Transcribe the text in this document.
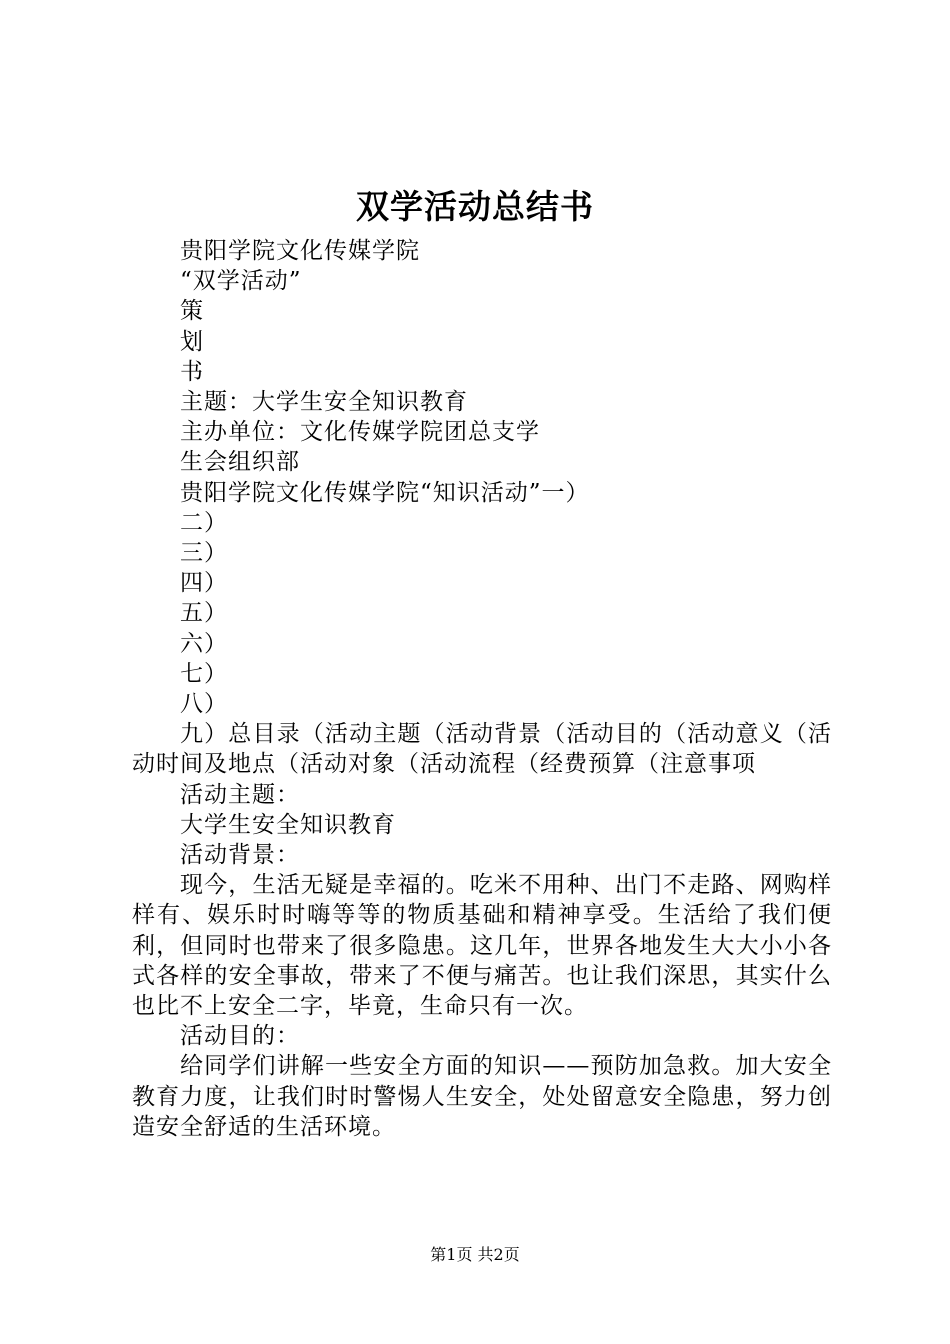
双学活动总结书
贵阳学院文化传媒学院
“双学活动”
策
划
书
主题：大学生安全知识教育
主办单位：文化传媒学院团总支学
生会组织部
贵阳学院文化传媒学院“知识活动”一）
二）
三）
四）
五）
六）
七）
八）

九）总目录（活动主题（活动背景（活动目的（活动意义（活动时间及地点（活动对象（活动流程（经费预算（注意事项

活动主题：
大学生安全知识教育
活动背景：

现今，生活无疑是幸福的。吃米不用种、出门不走路、网购样样有、娱乐时时嗨等等的物质基础和精神享受。生活给了我们便利，但同时也带来了很多隐患。这几年，世界各地发生大大小小各式各样的安全事故，带来了不便与痛苦。也让我们深思，其实什么也比不上安全二字，毕竟，生命只有一次。

活动目的：

给同学们讲解一些安全方面的知识——预防加急救。加大安全教育力度，让我们时时警惕人生安全，处处留意安全隐患，努力创造安全舒适的生活环境。

第1页 共2页
